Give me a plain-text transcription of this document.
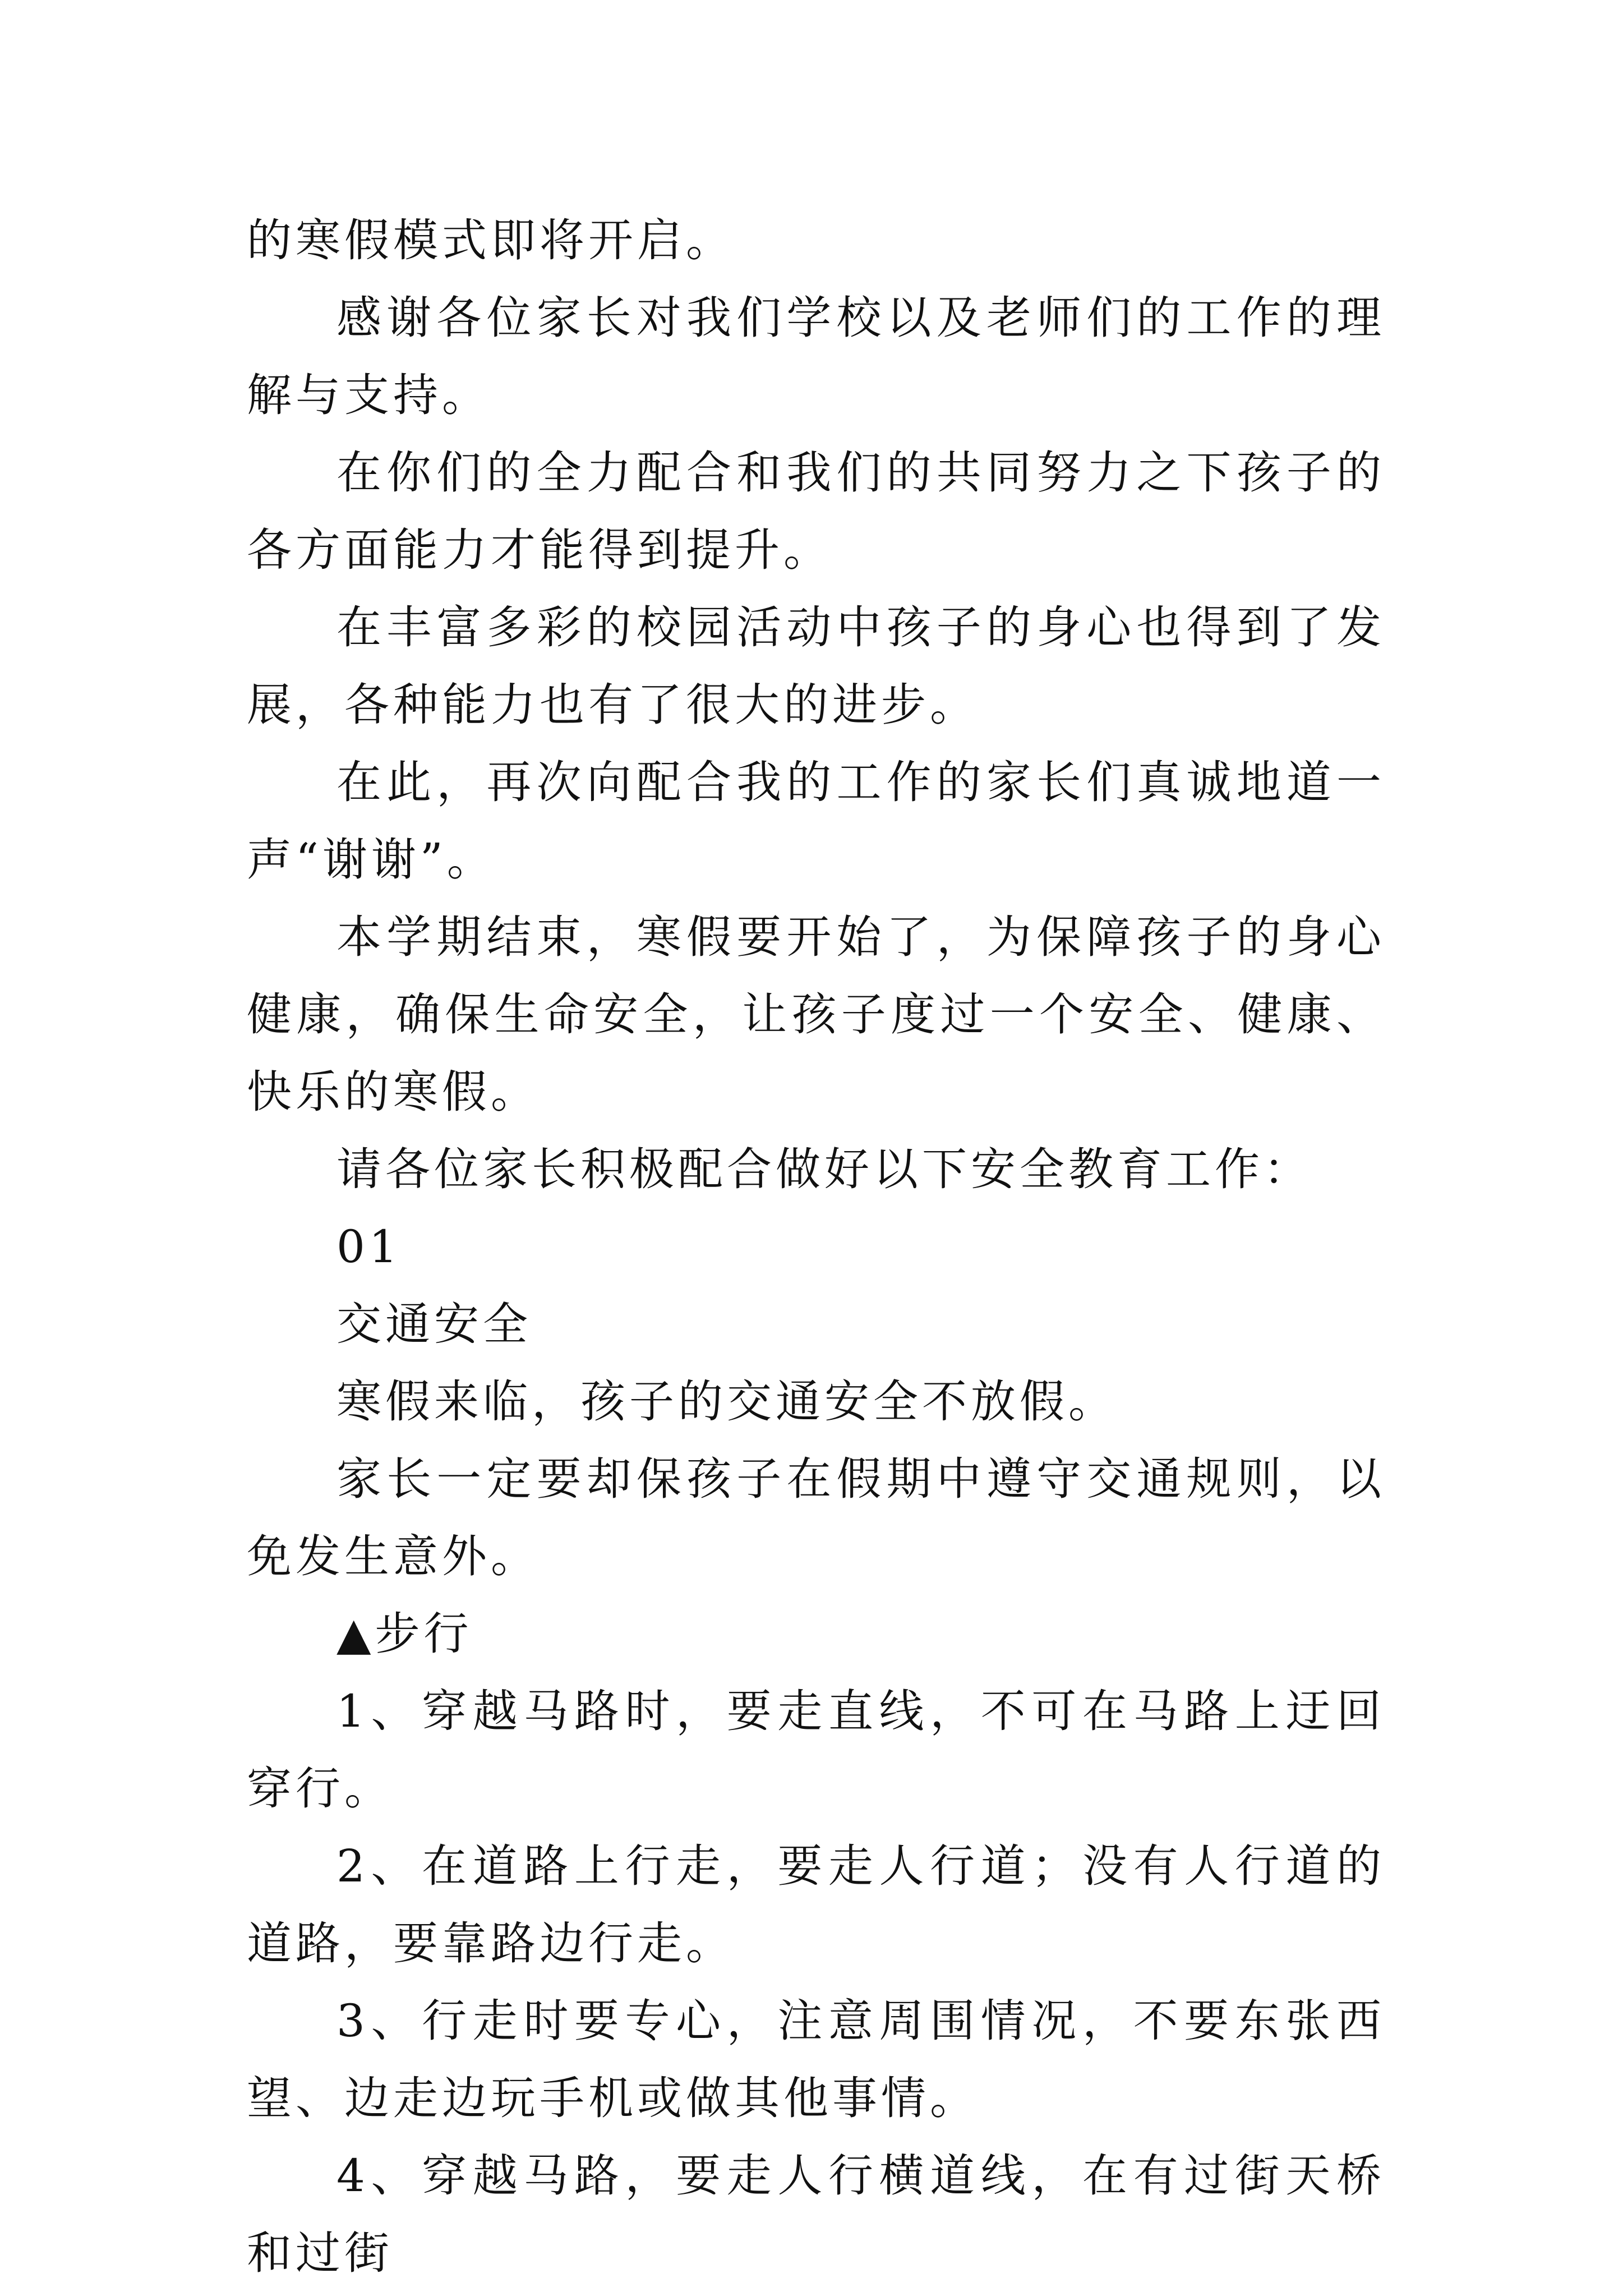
的寒假模式即将开启。

感谢各位家长对我们学校以及老师们的工作的理解与支持。

在你们的全力配合和我们的共同努力之下孩子的各方面能力才能得到提升。

在丰富多彩的校园活动中孩子的身心也得到了发展，各种能力也有了很大的进步。

在此，再次向配合我的工作的家长们真诚地道一声“谢谢”。

本学期结束，寒假要开始了，为保障孩子的身心健康，确保生命安全，让孩子度过一个安全、健康、快乐的寒假。

请各位家长积极配合做好以下安全教育工作：

01

交通安全

寒假来临，孩子的交通安全不放假。

家长一定要却保孩子在假期中遵守交通规则，以免发生意外。

▲步行

1、穿越马路时，要走直线，不可在马路上迂回穿行。

2、在道路上行走，要走人行道；没有人行道的道路，要靠路边行走。

3、行走时要专心，注意周围情况，不要东张西望、边走边玩手机或做其他事情。

4、穿越马路，要走人行横道线，在有过街天桥和过街
